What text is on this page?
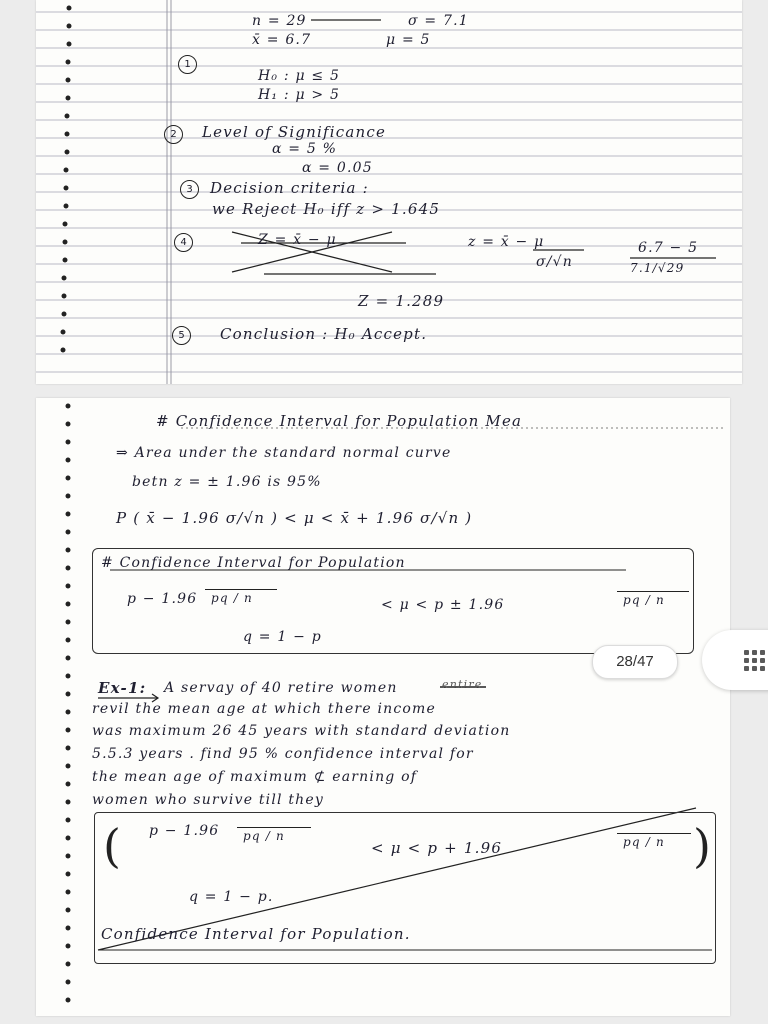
n = 29	σ = 7.1
x̄ = 6.7	μ = 5
1
H₀ : μ ≤ 5
H₁ : μ > 5
2	Level of Significance
α = 5 %
α = 0.05
3	Decision criteria :
we Reject H₀ iff z > 1.645
4	Z = x̄ − μ	z = x̄ − μ
σ/√n
6.7 − 5
7.1/√29
Z = 1.289
5	Conclusion : H₀ Accept.
# Confidence Interval for Population Mea
⇒ Area under the standard normal curve
betn z = ± 1.96 is 95%
P ( x̄ − 1.96 σ/√n ) < μ < x̄ + 1.96 σ/√n )
# Confidence Interval for Population
p − 1.96 pq / n	< μ < p ± 1.96	pq / n
q = 1 − p
Ex-1: A servay of 40 retire women	entire
revil the mean age at which there income
was maximum 26 45 years with standard deviation
5.5.3 years . find 95 % confidence interval for
the mean age of maximum ⊄ earning of
women who survive till they
( p − 1.96 pq / n
< μ < p + 1.96	pq / n )
q = 1 − p.
Confidence Interval for Population.
28/47
